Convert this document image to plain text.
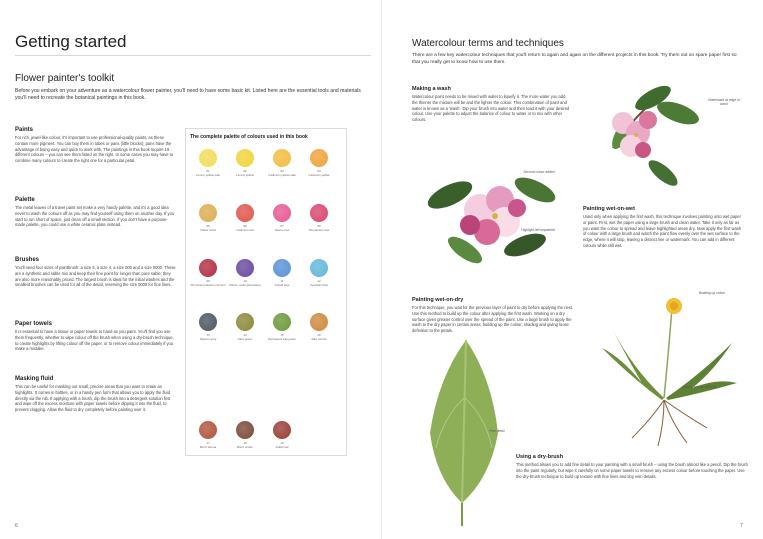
Getting started
Flower painter's toolkit

Before you embark on your adventure as a watercolour flower painter, you'll need to have some basic kit. Listed here are the essential tools and materials you'll need to recreate the botanical paintings in this book.

Paints

For rich, jewel-like colour, it's important to use professional-quality paints, as these contain more pigment. You can buy them in tubes or pans (little blocks); pans have the advantage of being easy and quick to work with. The paintings in this book require 19 different colours – you can see them listed on the right. In some cases you may have to combine many colours to create the right one for a particular petal.

Palette

The metal leaves of a travel paint set make a very handy palette, and it's a good idea never to wash the colours off as you may find yourself using them on another day. If you start to run short of space, just clean off a small section. If you don't have a purpose-made palette, you could use a white ceramic plate instead.

Brushes

You'll need four sizes of paintbrush: a size 6, a size 4, a size 000 and a size 0000. These are a synthetic and sable mix and keep their fine point for longer than pure sable; they are also more reasonably priced. The largest brush is ideal for the initial washes and the smallest brushes can be used for all of the detail, reserving the size 0000 for fine lines.

Paper towels

It is essential to have a tissue or paper towels to hand as you paint. You'll find you use them frequently, whether to wipe colour off the brush when using a dry-brush technique, to create highlights by lifting colour off the paper, or to remove colour immediately if you make a mistake.

Masking fluid

This can be useful for masking out small, precise areas that you want to retain as highlights. It comes in bottles, or in a handy pen form that allows you to apply the fluid directly via the nib. If applying with a brush, dip the brush into a detergent solution first and wipe off the excess moisture with paper towels before dipping it into the fluid, to prevent clogging. Allow the fluid to dry completely before painting over it.

The complete palette of colours used in this book
01
Lemon yellow pale
02
Lemon yellow
03
Cadmium yellow pale
04
Cadmium yellow
05
Yellow ochre
06
Cadmium red
07
Opera rose
08
Permanent rose
09
Permanent alizarin crimson
10
Winsor violet (dioxazine)
11
Cobalt blue
12
Cerulean blue
13
Payne's grey
14
Olive green
15
Permanent sap green
16
Raw sienna
17
Burnt sienna
18
Burnt umber
19
Indian red
6
Watercolour terms and techniques

There are a few key watercolour techniques that you'll return to again and again on the different projects in this book. Try them out on spare paper first so that you really get to know how to use them.

Making a wash

Watercolour paint needs to be mixed with water to liquefy it. The more water you add, the thinner the mixture will be and the lighter the colour. This combination of paint and water is known as a 'wash'. Dip your brush into water and then load it with your desired colour. Use your palette to adjust the balance of colour to water or to mix with other colours.

Painting wet-on-wet

Used only when applying the first wash, this technique involves painting onto wet paper or paint. First, wet the paper using a large brush and clean water. Take it only as far as you want the colour to spread and leave highlighted areas dry. Now apply the first wash of colour with a large brush and watch the paint flow evenly over the wet surface to the edge, where it will stop, leaving a distinct line or watermark. You can add in different colours while still wet.

Painting wet-on-dry

For this technique, you wait for the previous layer of paint to dry before applying the next. Use this method to build up the colour after applying the first wash. Working on a dry surface gives greater control over the spread of the paint. Use a large brush to apply the wash to the dry paper in certain areas, building up the colour, shading and giving loose definition to the petals.

Using a dry-brush

This method allows you to add fine detail to your painting with a small brush – using the brush almost like a pencil. Dip the brush into the paint regularly, but wipe it carefully on some paper towels to remove any excess colour before touching the paper. Use the dry-brush technique to build up texture with fine lines and tiny vein details.

Watermark at edge of wash
Second colour added
Highlight left unpainted
Building up colour
Leaves loosely defined
Fine detail
7
